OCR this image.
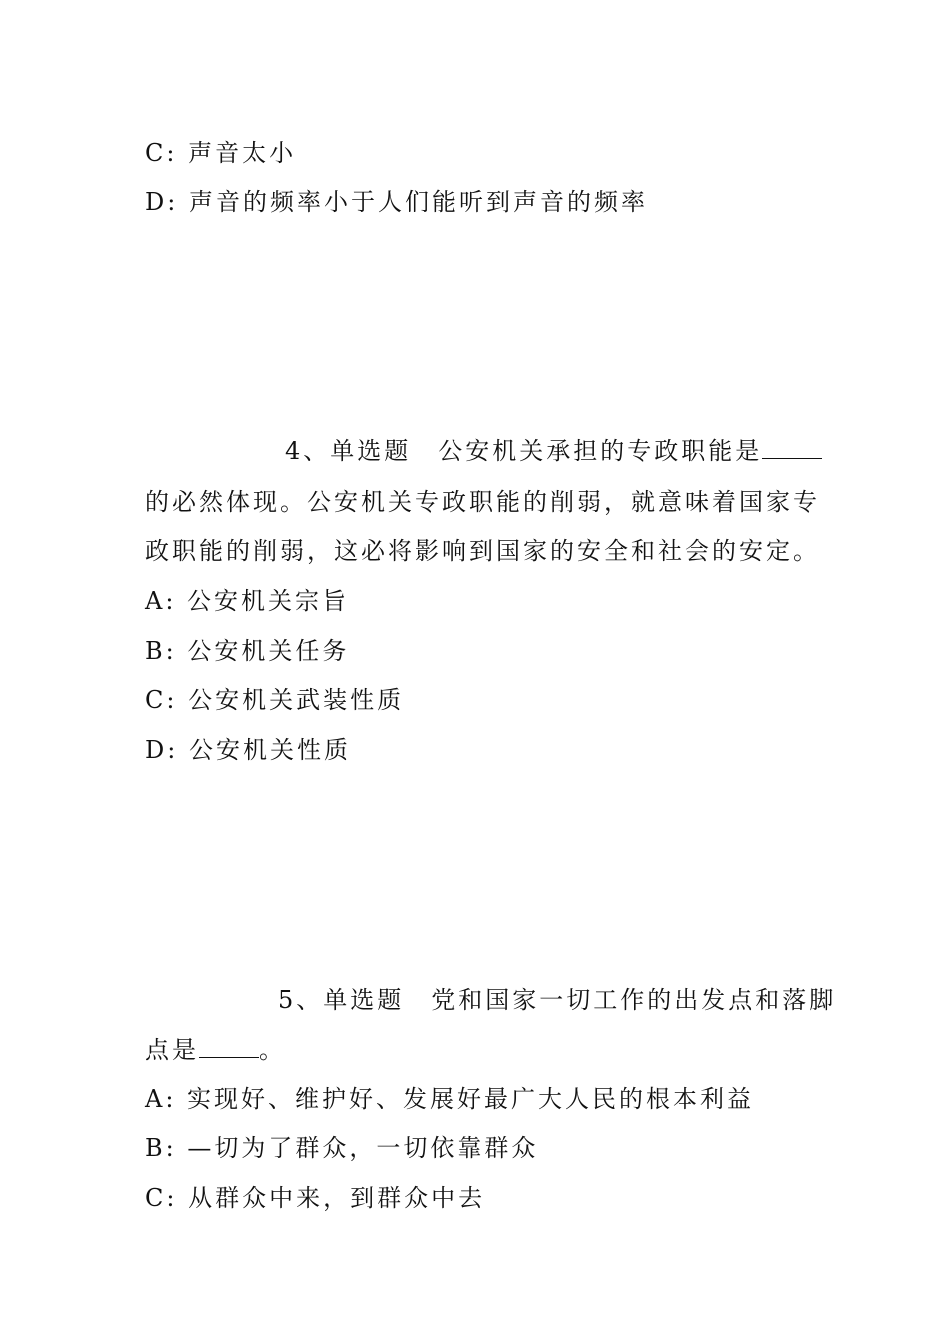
C: 声音太小
D: 声音的频率小于人们能听到声音的频率
4、单选题　公安机关承担的专政职能是
的必然体现。公安机关专政职能的削弱，就意味着国家专
政职能的削弱，这必将影响到国家的安全和社会的安定。
A: 公安机关宗旨
B: 公安机关任务
C: 公安机关武装性质
D: 公安机关性质
5、单选题　党和国家一切工作的出发点和落脚
点是	。
A: 实现好、维护好、发展好最广大人民的根本利益
B: —切为了群众，一切依靠群众
C: 从群众中来，到群众中去
